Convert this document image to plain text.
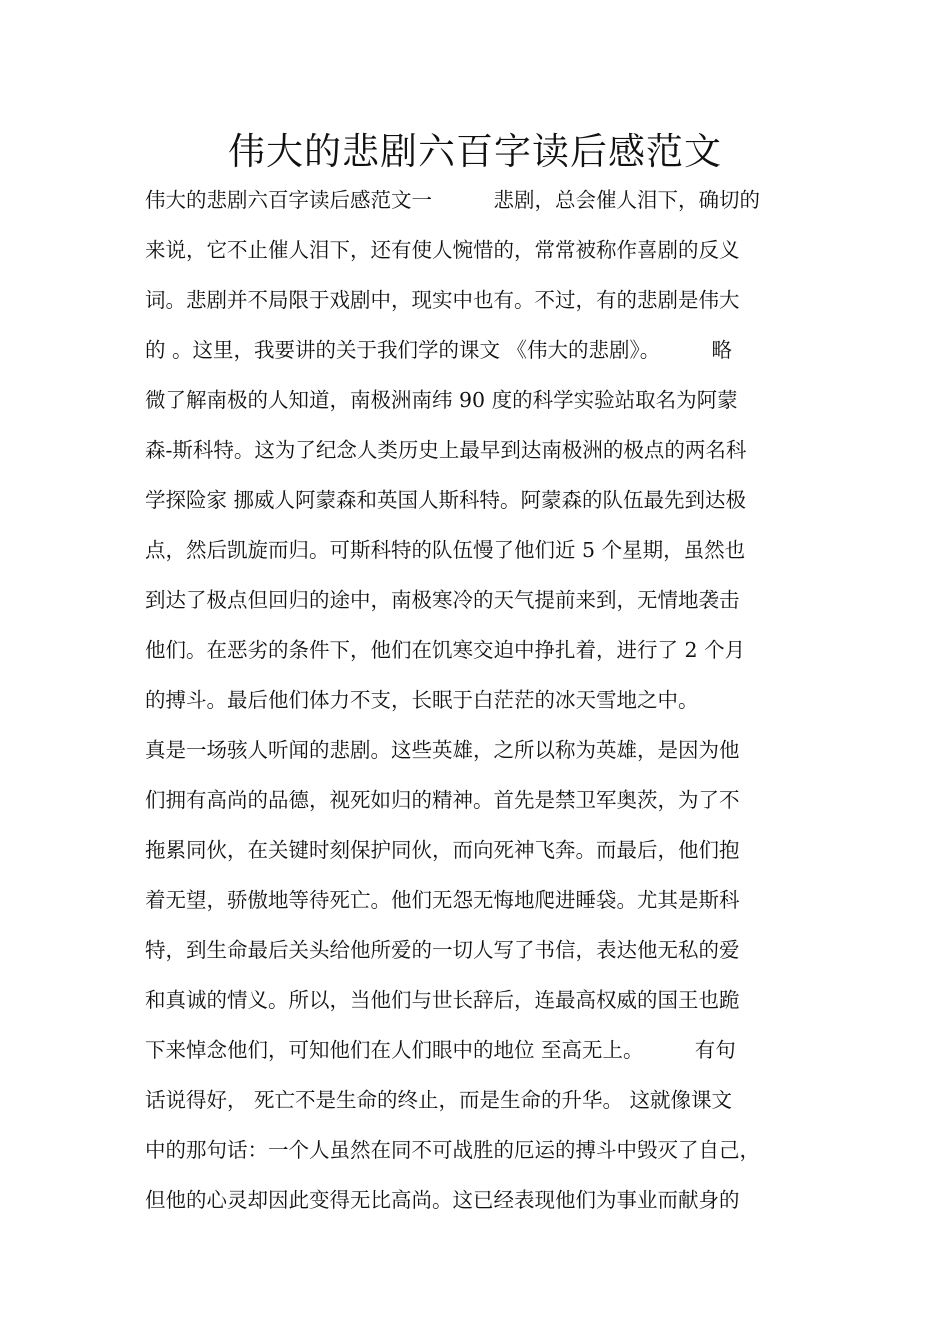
伟大的悲剧六百字读后感范文
伟大的悲剧六百字读后感范文一　　　悲剧，总会催人泪下，确切的
来说，它不止催人泪下，还有使人惋惜的，常常被称作喜剧的反义
词。悲剧并不局限于戏剧中，现实中也有。不过，有的悲剧是伟大
的 。这里，我要讲的关于我们学的课文 《伟大的悲剧》。　　　略
微了解南极的人知道，南极洲南纬 90 度的科学实验站取名为阿蒙
森-斯科特。这为了纪念人类历史上最早到达南极洲的极点的两名科
学探险家 挪威人阿蒙森和英国人斯科特。阿蒙森的队伍最先到达极
点，然后凯旋而归。可斯科特的队伍慢了他们近 5 个星期，虽然也
到达了极点但回归的途中，南极寒冷的天气提前来到，无情地袭击
他们。在恶劣的条件下，他们在饥寒交迫中挣扎着，进行了 2 个月
的搏斗。最后他们体力不支，长眠于白茫茫的冰天雪地之中。
真是一场骇人听闻的悲剧。这些英雄，之所以称为英雄，是因为他
们拥有高尚的品德，视死如归的精神。首先是禁卫军奥茨，为了不
拖累同伙，在关键时刻保护同伙，而向死神飞奔。而最后，他们抱
着无望，骄傲地等待死亡。他们无怨无悔地爬进睡袋。尤其是斯科
特，到生命最后关头给他所爱的一切人写了书信，表达他无私的爱
和真诚的情义。所以，当他们与世长辞后，连最高权威的国王也跪
下来悼念他们，可知他们在人们眼中的地位 至高无上。　　　有句
话说得好， 死亡不是生命的终止，而是生命的升华。 这就像课文
中的那句话：一个人虽然在同不可战胜的厄运的搏斗中毁灭了自己，
但他的心灵却因此变得无比高尚。这已经表现他们为事业而献身的
